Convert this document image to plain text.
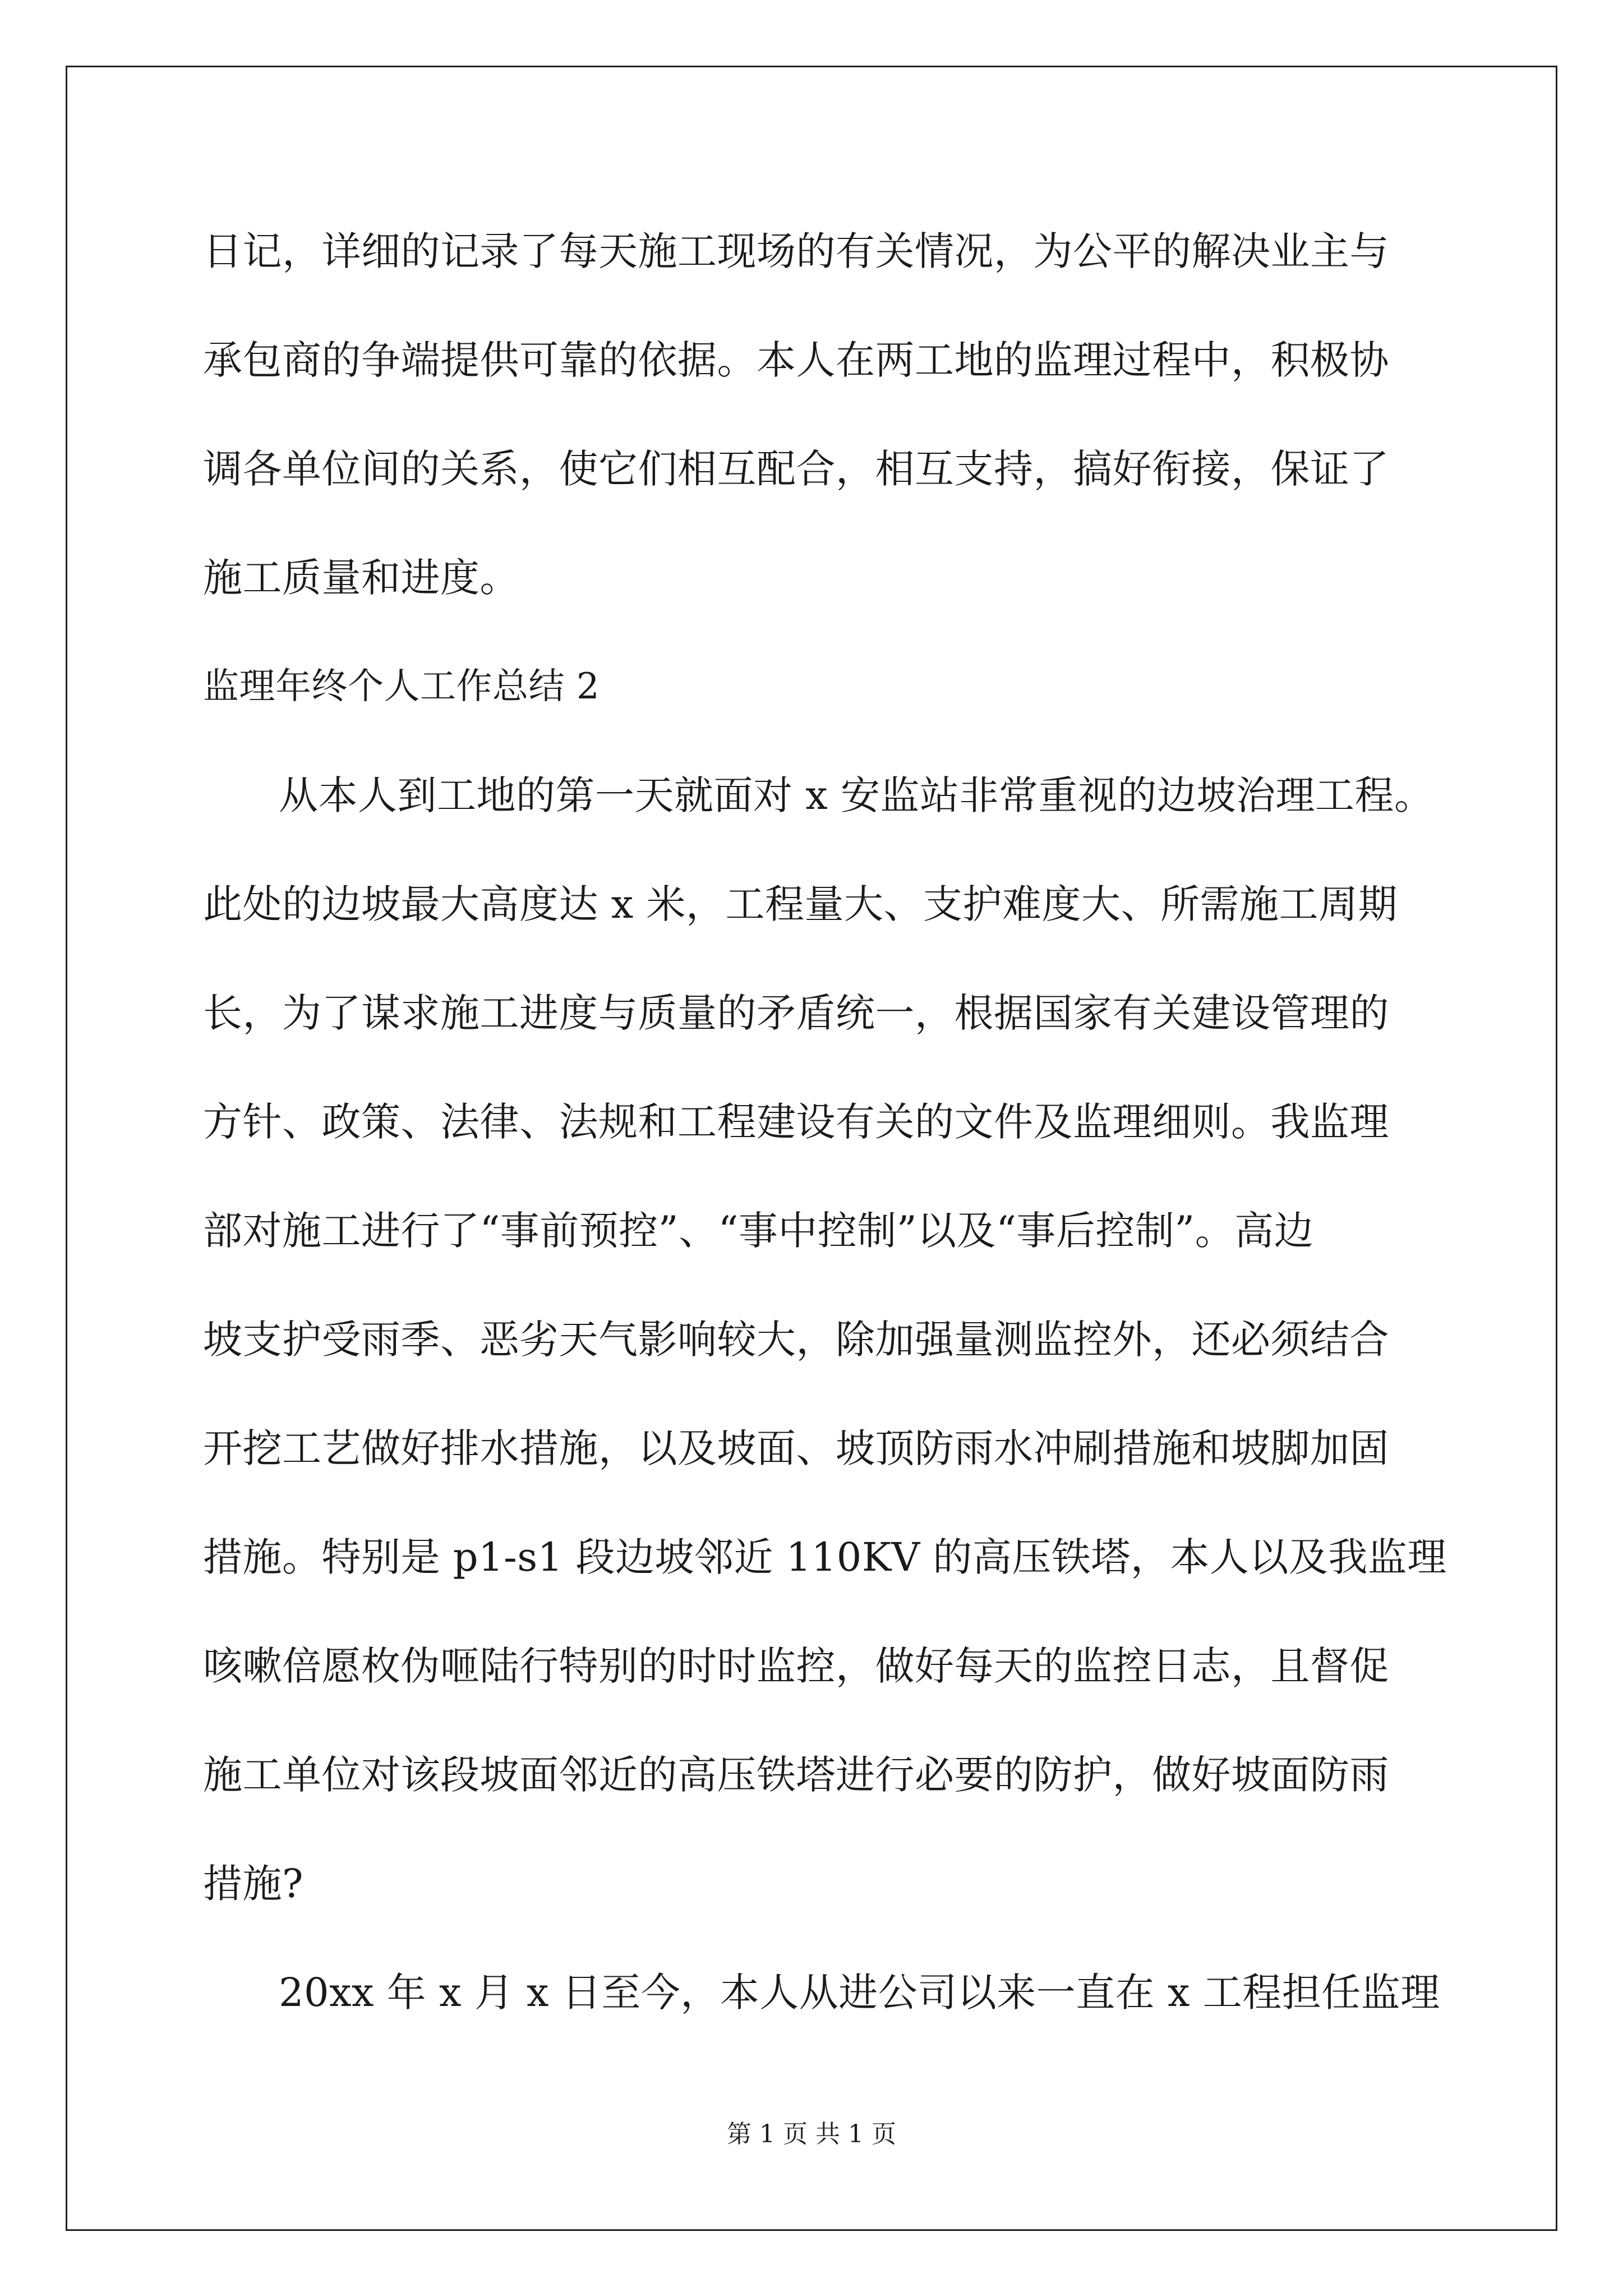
日记，详细的记录了每天施工现场的有关情况，为公平的解决业主与
承包商的争端提供可靠的依据。本人在两工地的监理过程中，积极协
调各单位间的关系，使它们相互配合，相互支持，搞好衔接，保证了
施工质量和进度。
监理年终个人工作总结 2
从本人到工地的第一天就面对 x 安监站非常重视的边坡治理工程。
此处的边坡最大高度达 x 米，工程量大、支护难度大、所需施工周期
长，为了谋求施工进度与质量的矛盾统一，根据国家有关建设管理的
方针、政策、法律、法规和工程建设有关的文件及监理细则。我监理
部对施工进行了“事前预控”、“事中控制”以及“事后控制”。高边
坡支护受雨季、恶劣天气影响较大，除加强量测监控外，还必须结合
开挖工艺做好排水措施，以及坡面、坡顶防雨水冲刷措施和坡脚加固
措施。特别是 p1-s1 段边坡邻近 110KV 的高压铁塔，本人以及我监理
咳嗽倍愿枚伪咂陆行特别的时时监控，做好每天的监控日志，且督促
施工单位对该段坡面邻近的高压铁塔进行必要的防护，做好坡面防雨
措施?
20xx 年 x 月 x 日至今，本人从进公司以来一直在 x 工程担任监理
第 1 页 共 1 页
